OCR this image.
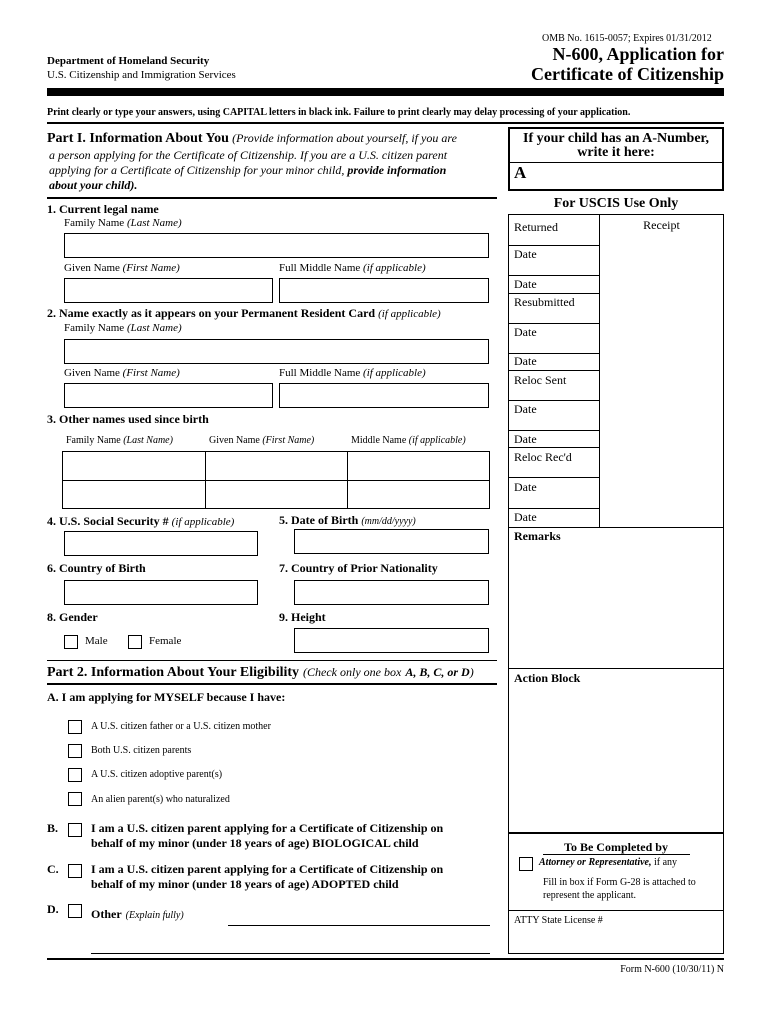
OMB No. 1615-0057; Expires 01/31/2012
Department of Homeland Security
U.S. Citizenship and Immigration Services
N-600, Application for
Certificate of Citizenship
Print clearly or type your answers, using CAPITAL letters in black ink. Failure to print clearly may delay processing of your application.
Part I. Information About You (Provide information about yourself, if you are
a person applying for the Certificate of Citizenship. If you are a U.S. citizen parent
applying for a Certificate of Citizenship for your minor child, provide information
about your child).
1. Current legal name
Family Name (Last Name)
Given Name (First Name)	Full Middle Name (if applicable)
2. Name exactly as it appears on your Permanent Resident Card (if applicable)
Family Name (Last Name)
Given Name (First Name)	Full Middle Name (if applicable)
3. Other names used since birth
Family Name (Last Name)	Given Name (First Name)	Middle Name (if applicable)
4. U.S. Social Security # (if applicable)	5. Date of Birth (mm/dd/yyyy)
6. Country of Birth	7. Country of Prior Nationality
8. Gender	9. Height
Male	Female
Part 2. Information About Your Eligibility (Check only one box A, B, C, or D)
A. I am applying for MYSELF because I have:
A U.S. citizen father or a U.S. citizen mother
Both U.S. citizen parents
A U.S. citizen adoptive parent(s)
An alien parent(s) who naturalized
B.	I am a U.S. citizen parent applying for a Certificate of Citizenship on
behalf of my minor (under 18 years of age) BIOLOGICAL child
C.	I am a U.S. citizen parent applying for a Certificate of Citizenship on
behalf of my minor (under 18 years of age) ADOPTED child
D.	Other (Explain fully)
Form N-600 (10/30/11) N
If your child has an A-Number,
write it here:
A
For USCIS Use Only
Receipt
Returned
Date
Date
Resubmitted
Date
Date
Reloc Sent
Date
Date
Reloc Rec'd
Date
Date
Remarks
Action Block
To Be Completed by
Attorney or Representative, if any
Fill in box if Form G-28 is attached to
represent the applicant.
ATTY State License #
